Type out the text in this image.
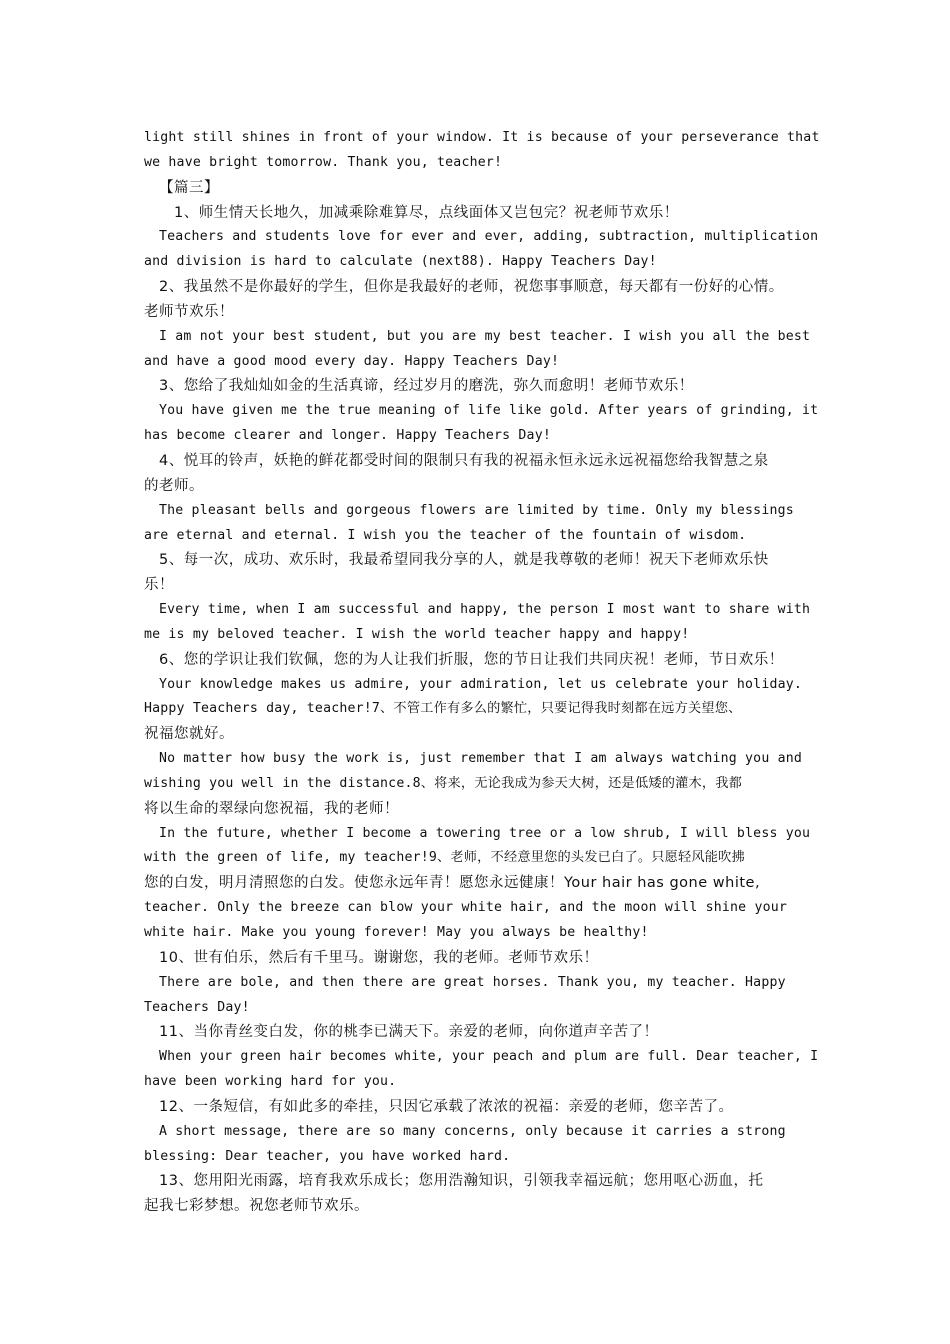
light still shines in front of your window. It is because of your perseverance that
we have bright tomorrow. Thank you, teacher!
【篇三】
1、师生情天长地久，加减乘除难算尽，点线面体又岂包完？祝老师节欢乐！
Teachers and students love for ever and ever, adding, subtraction, multiplication
and division is hard to calculate (next88). Happy Teachers Day!
2、我虽然不是你最好的学生，但你是我最好的老师，祝您事事顺意，每天都有一份好的心情。
老师节欢乐！
I am not your best student, but you are my best teacher. I wish you all the best
and have a good mood every day. Happy Teachers Day!
3、您给了我灿灿如金的生活真谛，经过岁月的磨洗，弥久而愈明！老师节欢乐！
You have given me the true meaning of life like gold. After years of grinding, it
has become clearer and longer. Happy Teachers Day!
4、悦耳的铃声，妖艳的鲜花都受时间的限制只有我的祝福永恒永远永远祝福您给我智慧之泉
的老师。
The pleasant bells and gorgeous flowers are limited by time. Only my blessings
are eternal and eternal. I wish you the teacher of the fountain of wisdom.
5、每一次，成功、欢乐时，我最希望同我分享的人，就是我尊敬的老师！祝天下老师欢乐快
乐！
Every time, when I am successful and happy, the person I most want to share with
me is my beloved teacher. I wish the world teacher happy and happy!
6、您的学识让我们钦佩，您的为人让我们折服，您的节日让我们共同庆祝！老师，节日欢乐！
Your knowledge makes us admire, your admiration, let us celebrate your holiday.
Happy Teachers day, teacher!7、不管工作有多么的繁忙，只要记得我时刻都在远方关望您、
祝福您就好。
No matter how busy the work is, just remember that I am always watching you and
wishing you well in the distance.8、将来，无论我成为参天大树，还是低矮的灌木，我都
将以生命的翠绿向您祝福，我的老师！
In the future, whether I become a towering tree or a low shrub, I will bless you
with the green of life, my teacher!9、老师，不经意里您的头发已白了。只愿轻风能吹拂
您的白发，明月清照您的白发。使您永远年青！愿您永远健康！Your hair has gone white,
teacher. Only the breeze can blow your white hair, and the moon will shine your
white hair. Make you young forever! May you always be healthy!
10、世有伯乐，然后有千里马。谢谢您，我的老师。老师节欢乐！
There are bole, and then there are great horses. Thank you, my teacher. Happy
Teachers Day!
11、当你青丝变白发，你的桃李已满天下。亲爱的老师，向你道声辛苦了！
When your green hair becomes white, your peach and plum are full. Dear teacher, I
have been working hard for you.
12、一条短信，有如此多的牵挂，只因它承载了浓浓的祝福：亲爱的老师，您辛苦了。
A short message, there are so many concerns, only because it carries a strong
blessing: Dear teacher, you have worked hard.
13、您用阳光雨露，培育我欢乐成长；您用浩瀚知识，引领我幸福远航；您用呕心沥血，托
起我七彩梦想。祝您老师节欢乐。
